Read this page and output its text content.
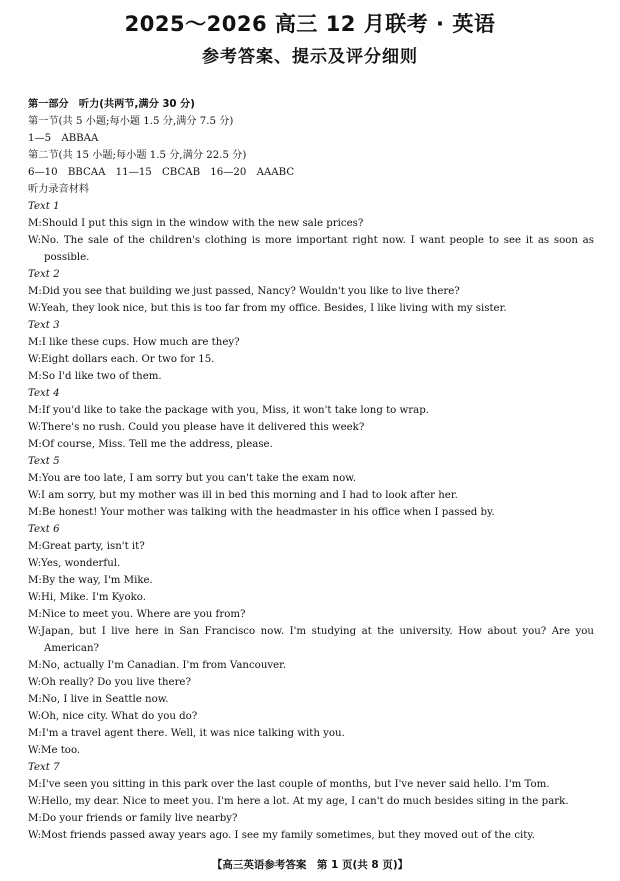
2025～2026 高三 12 月联考 · 英语
参考答案、提示及评分细则
第一部分　听力(共两节,满分 30 分)
第一节(共 5 小题;每小题 1.5 分,满分 7.5 分)
1—5　ABBAA
第二节(共 15 小题;每小题 1.5 分,满分 22.5 分)
6—10　BBCAA　11—15　CBCAB　16—20　AAABC
听力录音材料
Text 1
M:Should I put this sign in the window with the new sale prices?
W:No. The sale of the children's clothing is more important right now. I want people to see it as soon as possible.
Text 2
M:Did you see that building we just passed, Nancy? Wouldn't you like to live there?
W:Yeah, they look nice, but this is too far from my office. Besides, I like living with my sister.
Text 3
M:I like these cups. How much are they?
W:Eight dollars each. Or two for 15.
M:So I'd like two of them.
Text 4
M:If you'd like to take the package with you, Miss, it won't take long to wrap.
W:There's no rush. Could you please have it delivered this week?
M:Of course, Miss. Tell me the address, please.
Text 5
M:You are too late, I am sorry but you can't take the exam now.
W:I am sorry, but my mother was ill in bed this morning and I had to look after her.
M:Be honest! Your mother was talking with the headmaster in his office when I passed by.
Text 6
M:Great party, isn't it?
W:Yes, wonderful.
M:By the way, I'm Mike.
W:Hi, Mike. I'm Kyoko.
M:Nice to meet you. Where are you from?
W:Japan, but I live here in San Francisco now. I'm studying at the university. How about you? Are you American?
M:No, actually I'm Canadian. I'm from Vancouver.
W:Oh really? Do you live there?
M:No, I live in Seattle now.
W:Oh, nice city. What do you do?
M:I'm a travel agent there. Well, it was nice talking with you.
W:Me too.
Text 7
M:I've seen you sitting in this park over the last couple of months, but I've never said hello. I'm Tom.
W:Hello, my dear. Nice to meet you. I'm here a lot. At my age, I can't do much besides siting in the park.
M:Do your friends or family live nearby?
W:Most friends passed away years ago. I see my family sometimes, but they moved out of the city.
【高三英语参考答案　第 1 页(共 8 页)】
